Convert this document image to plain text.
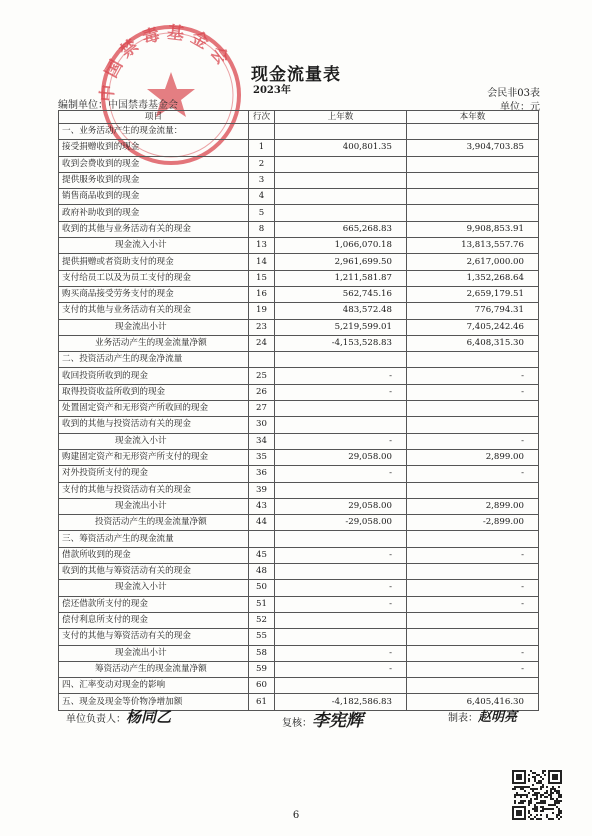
中国禁毒基金会
现金流量表
2023年	会民非03表
编制单位：中国禁毒基金会	单位：元
项目	行次	上年数	本年数
一、业务活动产生的现金流量：			
接受捐赠收到的现金	1	400,801.35	3,904,703.85
收到会费收到的现金	2		
提供服务收到的现金	3		
销售商品收到的现金	4		
政府补助收到的现金	5		
收到的其他与业务活动有关的现金	8	665,268.83	9,908,853.91
现金流入小计	13	1,066,070.18	13,813,557.76
提供捐赠或者资助支付的现金	14	2,961,699.50	2,617,000.00
支付给员工以及为员工支付的现金	15	1,211,581.87	1,352,268.64
购买商品接受劳务支付的现金	16	562,745.16	2,659,179.51
支付的其他与业务活动有关的现金	19	483,572.48	776,794.31
现金流出小计	23	5,219,599.01	7,405,242.46
业务活动产生的现金流量净额	24	-4,153,528.83	6,408,315.30
二、投资活动产生的现金净流量			
收回投资所收到的现金	25	-	-
取得投资收益所收到的现金	26	-	-
处置固定资产和无形资产所收回的现金	27		
收到的其他与投资活动有关的现金	30		
现金流入小计	34	-	-
购建固定资产和无形资产所支付的现金	35	29,058.00	2,899.00
对外投资所支付的现金	36	-	-
支付的其他与投资活动有关的现金	39		
现金流出小计	43	29,058.00	2,899.00
投资活动产生的现金流量净额	44	-29,058.00	-2,899.00
三、筹资活动产生的现金流量			
借款所收到的现金	45	-	-
收到的其他与筹资活动有关的现金	48		
现金流入小计	50	-	-
偿还借款所支付的现金	51	-	-
偿付利息所支付的现金	52		
支付的其他与筹资活动有关的现金	55		
现金流出小计	58	-	-
筹资活动产生的现金流量净额	59	-	-
四、汇率变动对现金的影响	60		
五、现金及现金等价物净增加额	61	-4,182,586.83	6,405,416.30
单位负责人：杨同乙	复核：李宪辉	制表：赵明亮
6
